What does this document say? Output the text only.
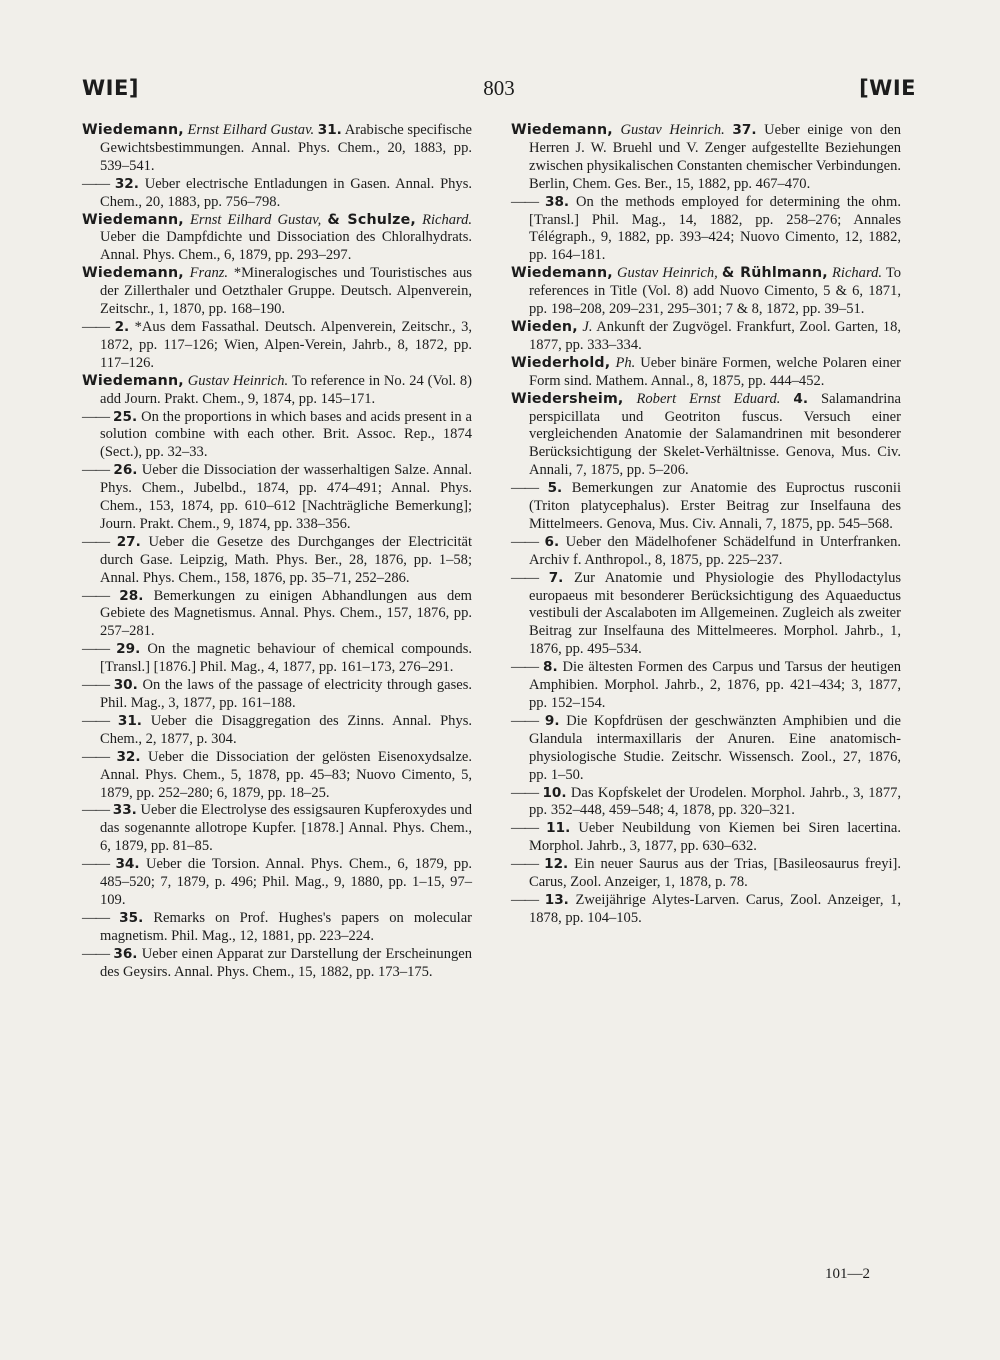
WIE]	803	[WIE

Wiedemann, Ernst Eilhard Gustav. 31. Arabische specifische Gewichtsbestimmungen. Annal. Phys. Chem., 20, 1883, pp. 539–541.

—— 32. Ueber electrische Entladungen in Gasen. Annal. Phys. Chem., 20, 1883, pp. 756–798.

Wiedemann, Ernst Eilhard Gustav, & Schulze, Richard. Ueber die Dampfdichte und Dissociation des Chloralhydrats. Annal. Phys. Chem., 6, 1879, pp. 293–297.

Wiedemann, Franz. *Mineralogisches und Touristisches aus der Zillerthaler und Oetzthaler Gruppe. Deutsch. Alpenverein, Zeitschr., 1, 1870, pp. 168–190.

—— 2. *Aus dem Fassathal. Deutsch. Alpenverein, Zeitschr., 3, 1872, pp. 117–126; Wien, Alpen-Verein, Jahrb., 8, 1872, pp. 117–126.

Wiedemann, Gustav Heinrich. To reference in No. 24 (Vol. 8) add Journ. Prakt. Chem., 9, 1874, pp. 145–171.

—— 25. On the proportions in which bases and acids present in a solution combine with each other. Brit. Assoc. Rep., 1874 (Sect.), pp. 32–33.

—— 26. Ueber die Dissociation der wasserhaltigen Salze. Annal. Phys. Chem., Jubelbd., 1874, pp. 474–491; Annal. Phys. Chem., 153, 1874, pp. 610–612 [Nachträgliche Bemerkung]; Journ. Prakt. Chem., 9, 1874, pp. 338–356.

—— 27. Ueber die Gesetze des Durchganges der Electricität durch Gase. Leipzig, Math. Phys. Ber., 28, 1876, pp. 1–58; Annal. Phys. Chem., 158, 1876, pp. 35–71, 252–286.

—— 28. Bemerkungen zu einigen Abhandlungen aus dem Gebiete des Magnetismus. Annal. Phys. Chem., 157, 1876, pp. 257–281.

—— 29. On the magnetic behaviour of chemical compounds. [Transl.] [1876.] Phil. Mag., 4, 1877, pp. 161–173, 276–291.

—— 30. On the laws of the passage of electricity through gases. Phil. Mag., 3, 1877, pp. 161–188.

—— 31. Ueber die Disaggregation des Zinns. Annal. Phys. Chem., 2, 1877, p. 304.

—— 32. Ueber die Dissociation der gelösten Eisenoxydsalze. Annal. Phys. Chem., 5, 1878, pp. 45–83; Nuovo Cimento, 5, 1879, pp. 252–280; 6, 1879, pp. 18–25.

—— 33. Ueber die Electrolyse des essigsauren Kupferoxydes und das sogenannte allotrope Kupfer. [1878.] Annal. Phys. Chem., 6, 1879, pp. 81–85.

—— 34. Ueber die Torsion. Annal. Phys. Chem., 6, 1879, pp. 485–520; 7, 1879, p. 496; Phil. Mag., 9, 1880, pp. 1–15, 97–109.

—— 35. Remarks on Prof. Hughes's papers on molecular magnetism. Phil. Mag., 12, 1881, pp. 223–224.

—— 36. Ueber einen Apparat zur Darstellung der Erscheinungen des Geysirs. Annal. Phys. Chem., 15, 1882, pp. 173–175.

Wiedemann, Gustav Heinrich. 37. Ueber einige von den Herren J. W. Bruehl und V. Zenger aufgestellte Beziehungen zwischen physikalischen Constanten chemischer Verbindungen. Berlin, Chem. Ges. Ber., 15, 1882, pp. 467–470.

—— 38. On the methods employed for determining the ohm. [Transl.] Phil. Mag., 14, 1882, pp. 258–276; Annales Télégraph., 9, 1882, pp. 393–424; Nuovo Cimento, 12, 1882, pp. 164–181.

Wiedemann, Gustav Heinrich, & Rühlmann, Richard. To references in Title (Vol. 8) add Nuovo Cimento, 5 & 6, 1871, pp. 198–208, 209–231, 295–301; 7 & 8, 1872, pp. 39–51.

Wieden, J. Ankunft der Zugvögel. Frankfurt, Zool. Garten, 18, 1877, pp. 333–334.

Wiederhold, Ph. Ueber binäre Formen, welche Polaren einer Form sind. Mathem. Annal., 8, 1875, pp. 444–452.

Wiedersheim, Robert Ernst Eduard. 4. Salamandrina perspicillata und Geotriton fuscus. Versuch einer vergleichenden Anatomie der Salamandrinen mit besonderer Berücksichtigung der Skelet-Verhältnisse. Genova, Mus. Civ. Annali, 7, 1875, pp. 5–206.

—— 5. Bemerkungen zur Anatomie des Euproctus rusconii (Triton platycephalus). Erster Beitrag zur Inselfauna des Mittelmeers. Genova, Mus. Civ. Annali, 7, 1875, pp. 545–568.

—— 6. Ueber den Mädelhofener Schädelfund in Unterfranken. Archiv f. Anthropol., 8, 1875, pp. 225–237.

—— 7. Zur Anatomie und Physiologie des Phyllodactylus europaeus mit besonderer Berücksichtigung des Aquaeductus vestibuli der Ascalaboten im Allgemeinen. Zugleich als zweiter Beitrag zur Inselfauna des Mittelmeeres. Morphol. Jahrb., 1, 1876, pp. 495–534.

—— 8. Die ältesten Formen des Carpus und Tarsus der heutigen Amphibien. Morphol. Jahrb., 2, 1876, pp. 421–434; 3, 1877, pp. 152–154.

—— 9. Die Kopfdrüsen der geschwänzten Amphibien und die Glandula intermaxillaris der Anuren. Eine anatomisch-physiologische Studie. Zeitschr. Wissensch. Zool., 27, 1876, pp. 1–50.

—— 10. Das Kopfskelet der Urodelen. Morphol. Jahrb., 3, 1877, pp. 352–448, 459–548; 4, 1878, pp. 320–321.

—— 11. Ueber Neubildung von Kiemen bei Siren lacertina. Morphol. Jahrb., 3, 1877, pp. 630–632.

—— 12. Ein neuer Saurus aus der Trias, [Basileosaurus freyi]. Carus, Zool. Anzeiger, 1, 1878, p. 78.

—— 13. Zweijährige Alytes-Larven. Carus, Zool. Anzeiger, 1, 1878, pp. 104–105.

101—2
